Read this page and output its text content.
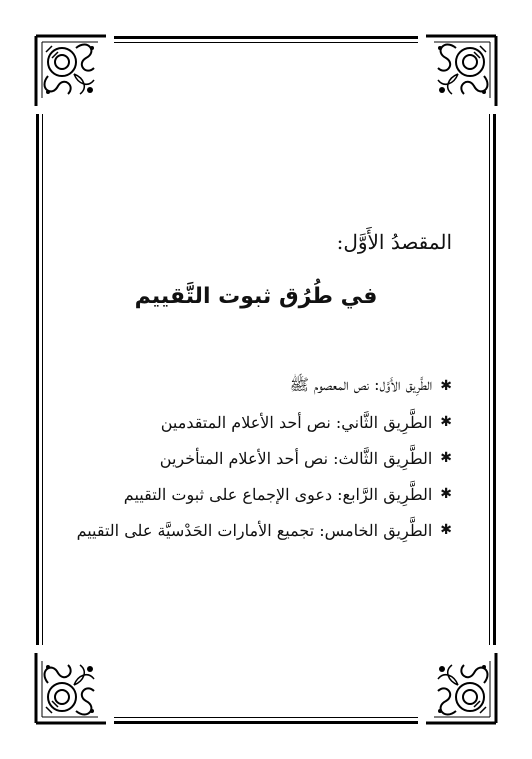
المقصدُ الأَوَّل:
في طُرُق ثبوت التَّقييم
✱
الطَّرِيق الأَوَّل: نص المعصوم ﷺ
✱
الطَّرِيق الثَّاني: نص أحد الأعلام المتقدمين
✱
الطَّرِيق الثَّالث: نص أحد الأعلام المتأخرين
✱
الطَّرِيق الرَّابع: دعوى الإجماع على ثبوت التقييم
✱
الطَّرِيق الخامس: تجميع الأمارات الحَدْسيَّة على التقييم
